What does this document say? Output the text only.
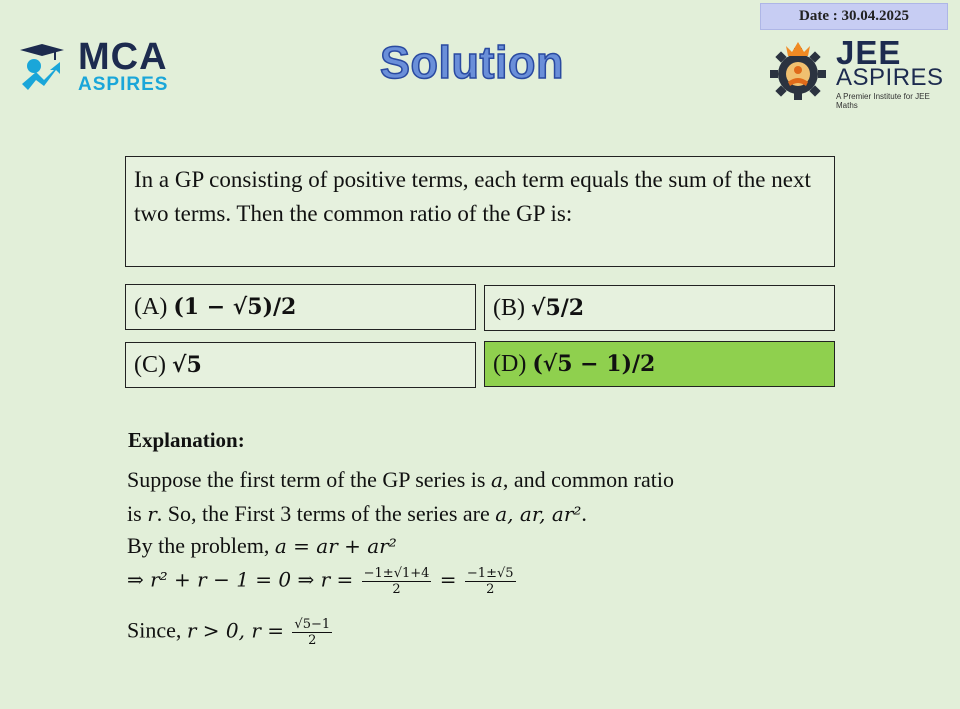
Date : 30.04.2025
MCA
ASPIRES	Solution	JEE
ASPIRES
A Premier Institute for JEE Maths
In a GP consisting of positive terms, each term equals the sum of the next two terms. Then the common ratio of the GP is:
(A) (1 − √5)/2	(B) √5/2
(C) √5	(D) (√5 − 1)/2
Explanation:
Suppose the first term of the GP series is a, and common ratio
is r. So, the First 3 terms of the series are a, ar, ar².
By the problem, a = ar + ar²
⇒ r² + r − 1 = 0 ⇒ $r = \frac{-1\pm√1+4}{2} = \frac{-1\pm√5}{2}$
Since, r > 0, $r = \frac{√5-1}{2}$
